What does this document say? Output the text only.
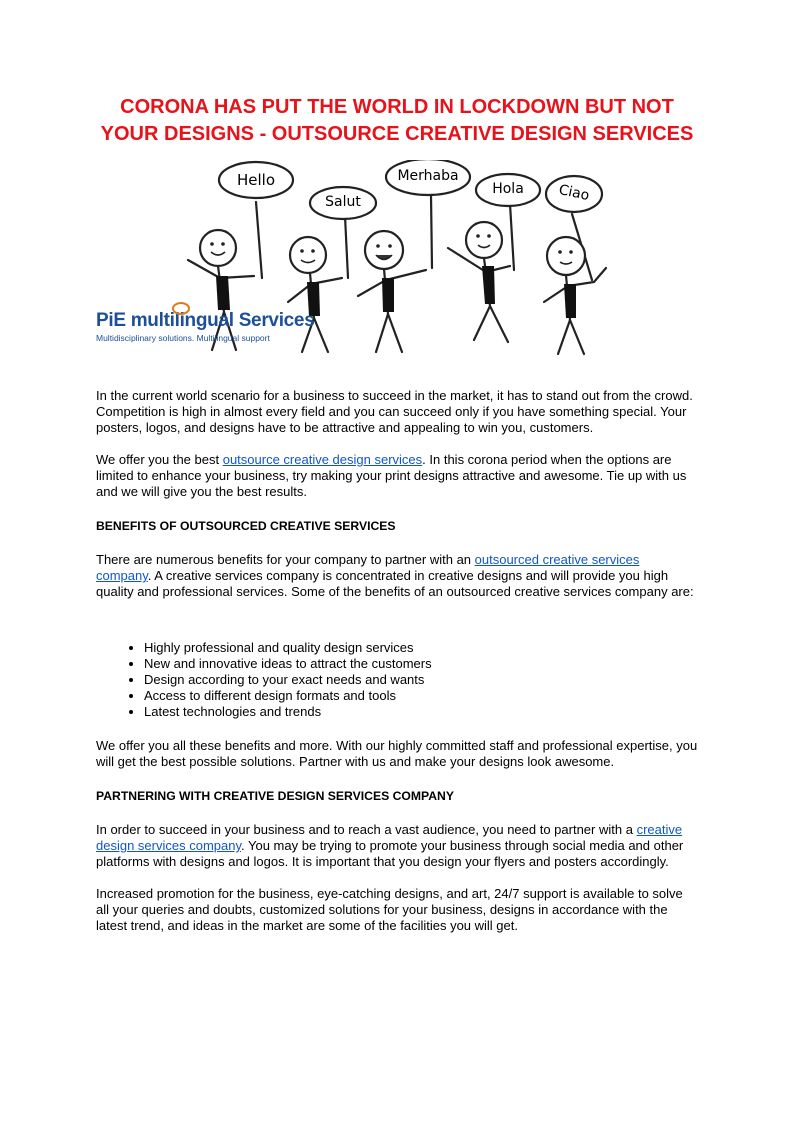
CORONA HAS PUT THE WORLD IN LOCKDOWN BUT NOT YOUR DESIGNS - OUTSOURCE CREATIVE DESIGN SERVICES
Hello
Salut
Merhaba
Hola	Ciao
PiE multilingual Services
Multidisciplinary solutions. Multilingual support

In the current world scenario for a business to succeed in the market, it has to stand out from the crowd. Competition is high in almost every field and you can succeed only if you have something special. Your posters, logos, and designs have to be attractive and appealing to win you, customers.

We offer you the best outsource creative design services. In this corona period when the options are limited to enhance your business, try making your print designs attractive and awesome. Tie up with us and we will give you the best results.

BENEFITS OF OUTSOURCED CREATIVE SERVICES

There are numerous benefits for your company to partner with an outsourced creative services company. A creative services company is concentrated in creative designs and will provide you high quality and professional services. Some of the benefits of an outsourced creative services company are:

• Highly professional and quality design services
• New and innovative ideas to attract the customers
• Design according to your exact needs and wants
• Access to different design formats and tools
• Latest technologies and trends

We offer you all these benefits and more. With our highly committed staff and professional expertise, you will get the best possible solutions. Partner with us and make your designs look awesome.

PARTNERING WITH CREATIVE DESIGN SERVICES COMPANY

In order to succeed in your business and to reach a vast audience, you need to partner with a creative design services company. You may be trying to promote your business through social media and other platforms with designs and logos. It is important that you design your flyers and posters accordingly.

Increased promotion for the business, eye-catching designs, and art, 24/7 support is available to solve all your queries and doubts, customized solutions for your business, designs in accordance with the latest trend, and ideas in the market are some of the facilities you will get.
